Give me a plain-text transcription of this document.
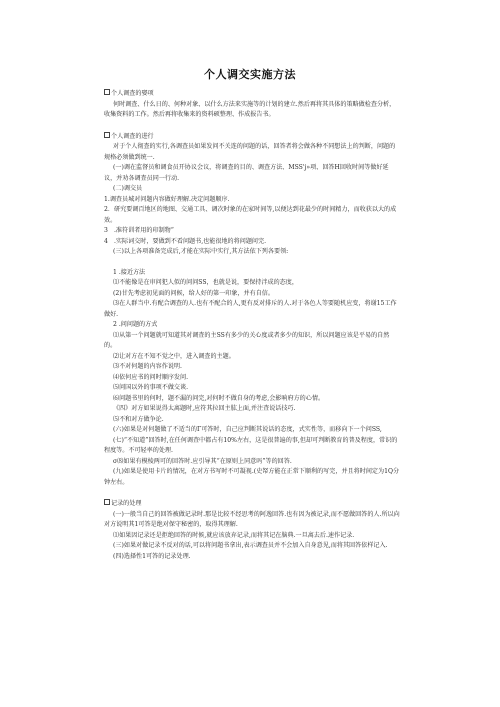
个人调交实施方法

个人调查的娶项

何时调查、什么日的、何种对象、以什么方法来实施等的计划的建立.然后再将其具体的策略做检查分析，收集资料的工作。然后再将收集来的资料硕整理、作成报告书。

个人调查的进行

对于个人彻查的实行,各调查员如果发问不关连的问題的话，回答者将会做各种不同想法上的判断，问題的规格必须做到统一.

(一)调在监督员和调食员开协议会议，将调查的目的、调查方法、MSS'j»项、回答H回收时间等做好延议，并劝各调査员同一行动.

(二)调交员

1.调査员城对问题内容做好理解.决定问题顺序.

2．研究要调百地区的地图、交通工具、调次时象的在家时间等,以便达到花最少的时间精力，而收获以大的成效。

3　.准符训者用的印制物“

4　.实际词交时，要做到不看问题书,也能很地的将问题问完.

(三)以上各项准备完成后,才能在实际中实行,其方法依下列各要领:

1 .接近方法

⑴不能像是在审问犯人似的问问SS，也就是说，要保持泮成的态度，

(2)甘先考虑初见面的问候，给人好的第一印象，并有自信。

⑶在人群当中.有配合调查的人.也有不配合的人,更有反对排斥的人.对于各色人等要随机应变，将谢15工作做好.

2 .问问题的方式

⑴从第一个问题就可知道其对调査的主SS有多少的关心度或者多少的知识，所以问题应该是平易的自然的。

⑵让对方在不知不觉之中，进入调查的主题。

⑶不对何题的内容作说明.

⑷依何应书的问时顺序发问.

⑸问国以外的事项不做交谈.

⑹问题书里的何时，题不漏的问完,对何时不做自身的考虑,会影响府方的心情。

《四》对方如果说得太离题时,应符其拉回主肱上面,并注査说话技巧.

⑸不和对方做争论.

(六)如果是对何题做了不适当的Γ可答时，自己应判断其说话的态度，式实性等，而移向下一个问SS,

(七)“不知道”回答时,在任何调査中都占有10%左右，这是很普遍的事,但却可判断教育的普及程度，常识的程度等。不可轻率的处理.

σ⑻如果有模棱两可的回答时.应引导其“在原则上同意吗”等的回答.

(九)如果是使用卡片的情况，在对方书写时不可凝视.(史帑方能在正常下顺利的写完，并且将时间定为1Q分钟左右。

记录的处理

(一)一般当自己的回答被做记录时.那是比较不经思考的阿逸回答.也有因为被记录,而不愿做回答的人.所以向对方说明其1可答是绝对保守秘密的，取得其理解.

⑴如果因记录还是拒绝回答的时候,就应该放弃记录,而将其记在脑典.一旦离去后.速作记录.

(三)如果对做记录不反对的话,可以将问題书拿出,表示调查员并不会加入自身意见,而将其回答依样记入.

(四)选择性1可答的记录处理.
